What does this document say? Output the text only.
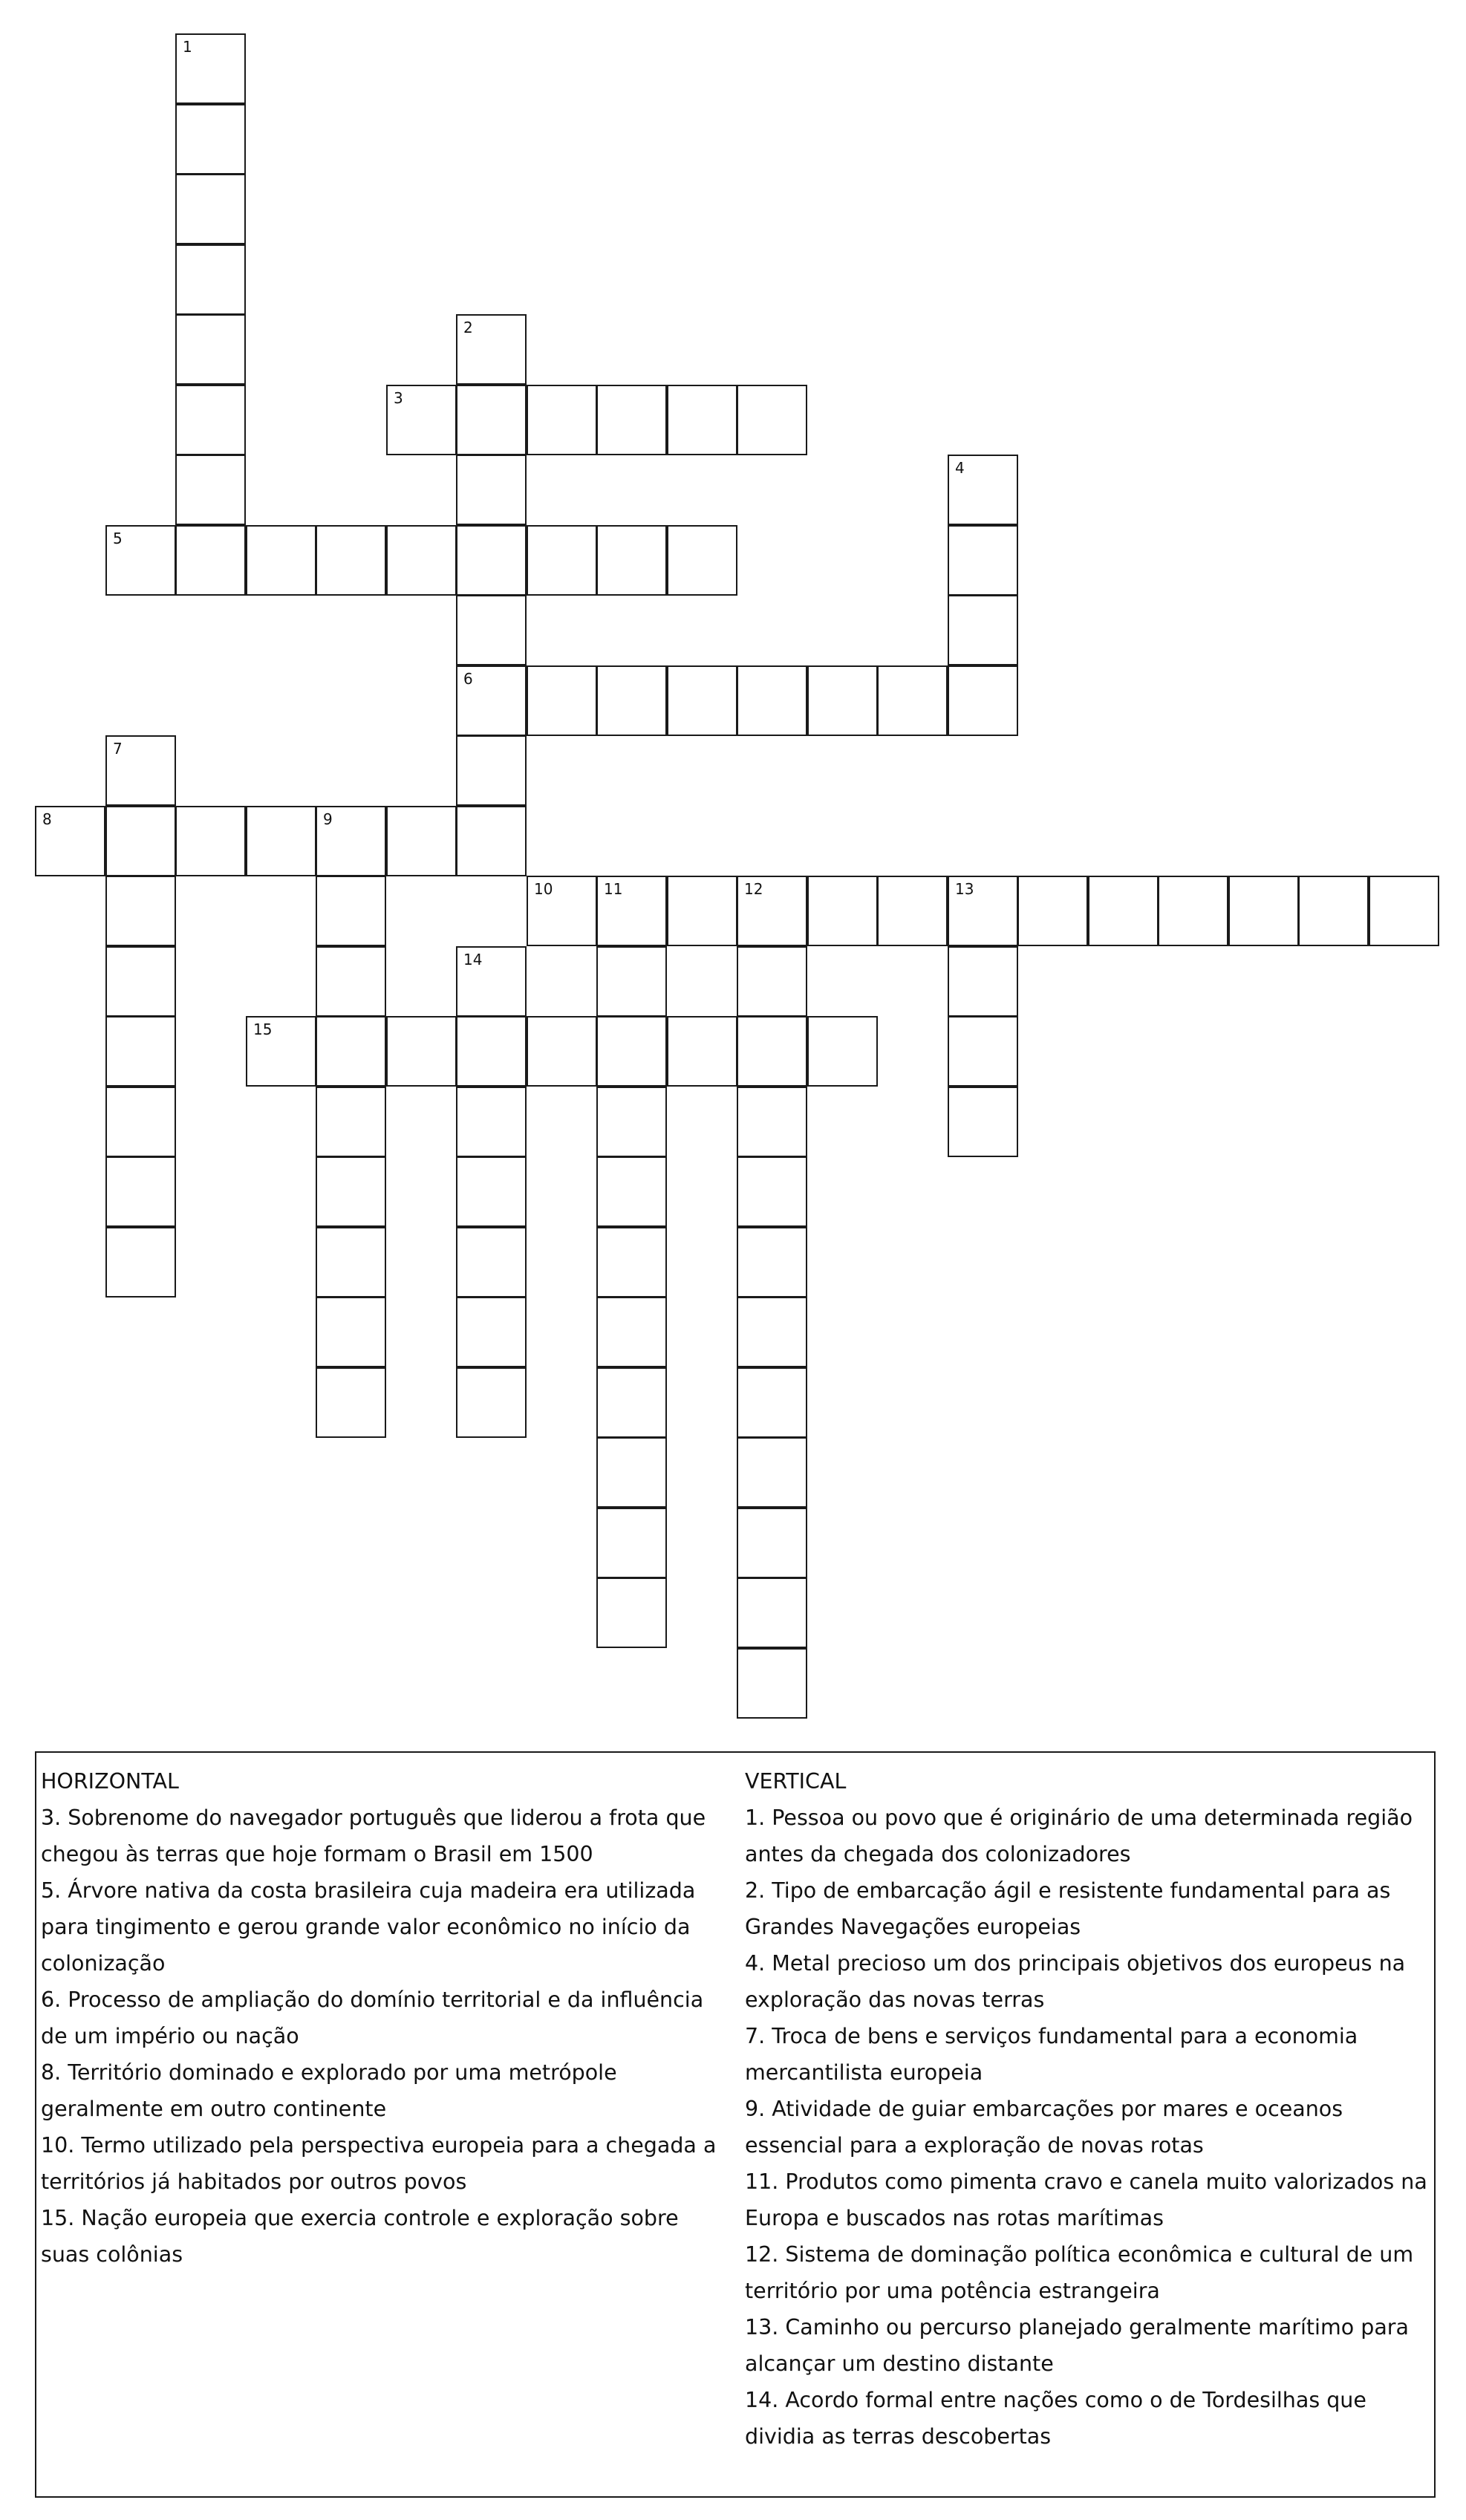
1
2
6
3
4
5
7
8	9
10	11	12	13
14
15

HORIZONTAL

3. Sobrenome do navegador português que liderou a frota que chegou às terras que hoje formam o Brasil em 1500

5. Árvore nativa da costa brasileira cuja madeira era utilizada para tingimento e gerou grande valor econômico no início da colonização

6. Processo de ampliação do domínio territorial e da influência de um império ou nação

8. Território dominado e explorado por uma metrópole geralmente em outro continente

10. Termo utilizado pela perspectiva europeia para a chegada a territórios já habitados por outros povos

15. Nação europeia que exercia controle e exploração sobre suas colônias

VERTICAL

1. Pessoa ou povo que é originário de uma determinada região antes da chegada dos colonizadores

2. Tipo de embarcação ágil e resistente fundamental para as Grandes Navegações europeias

4. Metal precioso um dos principais objetivos dos europeus na exploração das novas terras

7. Troca de bens e serviços fundamental para a economia mercantilista europeia

9. Atividade de guiar embarcações por mares e oceanos essencial para a exploração de novas rotas

11. Produtos como pimenta cravo e canela muito valorizados na Europa e buscados nas rotas marítimas

12. Sistema de dominação política econômica e cultural de um território por uma potência estrangeira

13. Caminho ou percurso planejado geralmente marítimo para alcançar um destino distante

14. Acordo formal entre nações como o de Tordesilhas que dividia as terras descobertas
